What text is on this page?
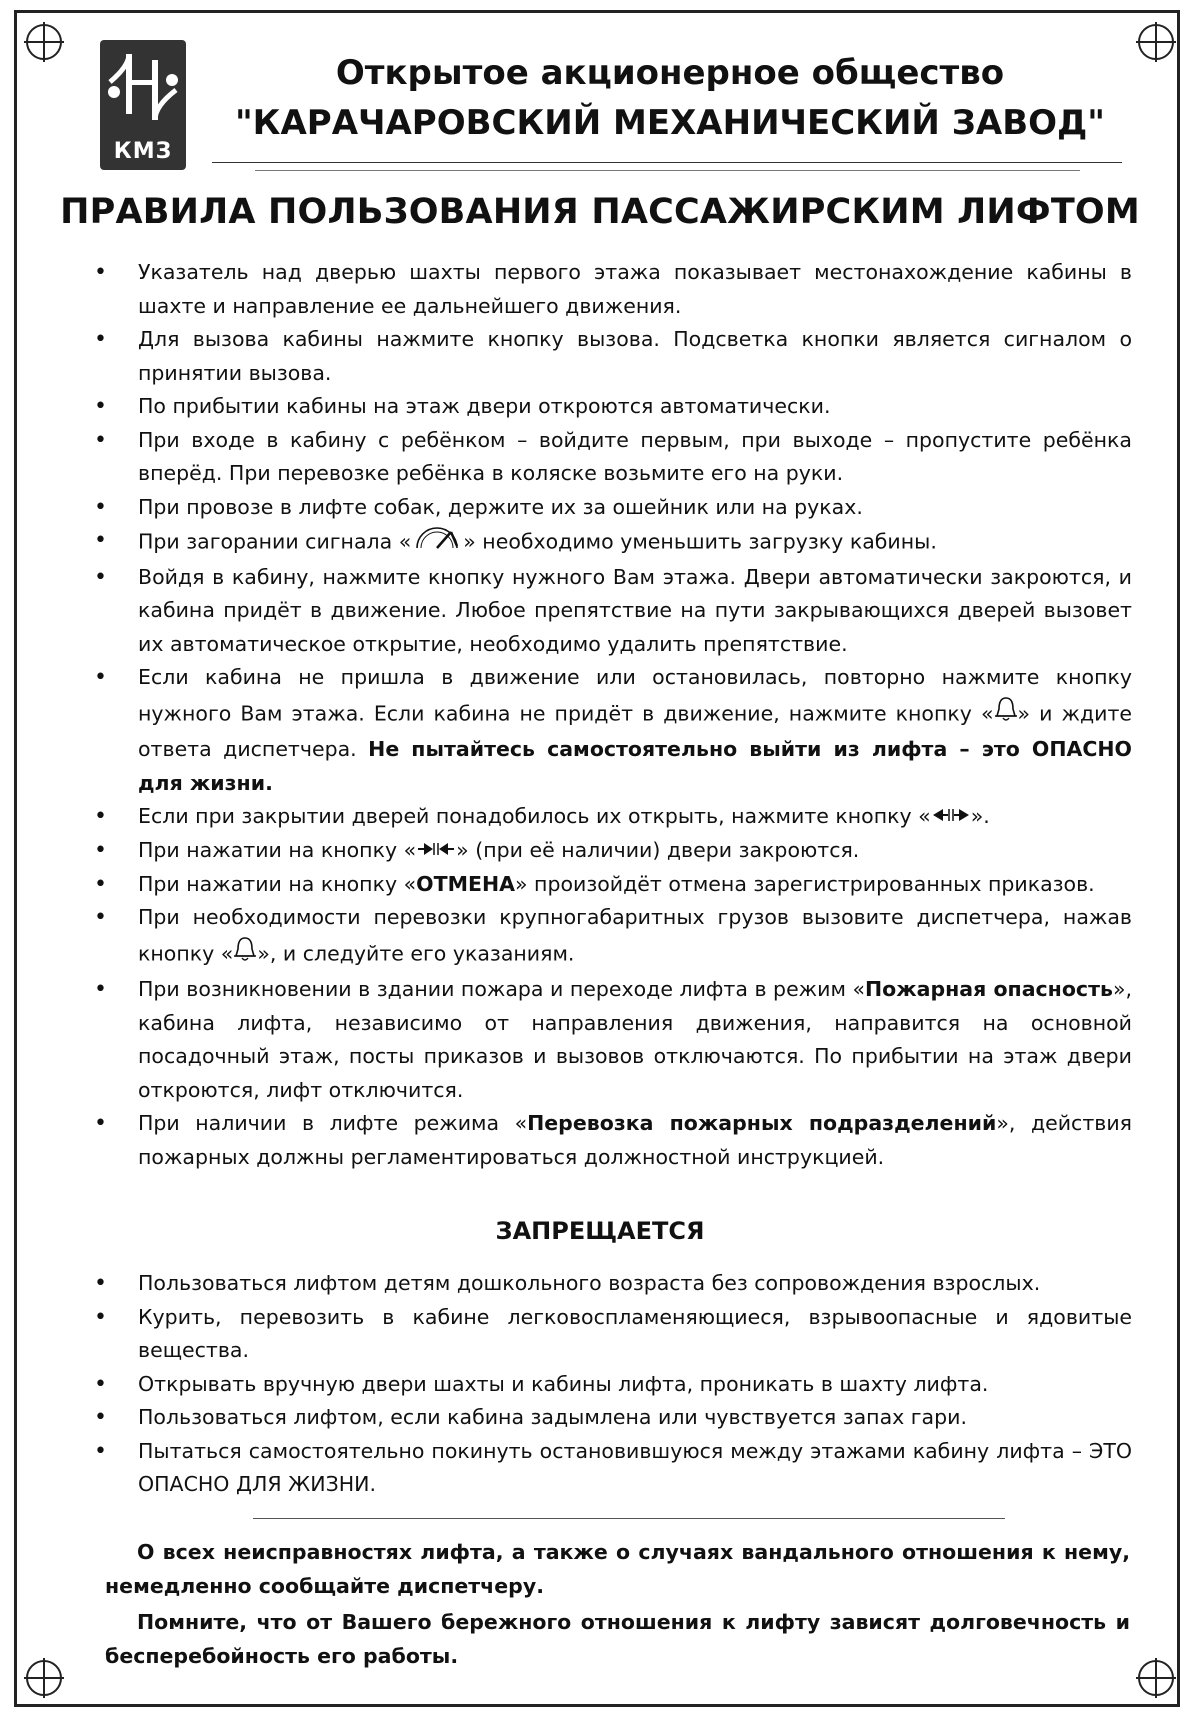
КМЗ
Открытое акционерное общество
"КАРАЧАРОВСКИЙ МЕХАНИЧЕСКИЙ ЗАВОД"
ПРАВИЛА ПОЛЬЗОВАНИЯ ПАССАЖИРСКИМ ЛИФТОМ
• Указатель над дверью шахты первого этажа показывает местонахождение кабины в шахте и направление ее дальнейшего движения.
• Для вызова кабины нажмите кнопку вызова. Подсветка кнопки является сигналом о принятии вызова.
• По прибытии кабины на этаж двери откроются автоматически.
• При входе в кабину с ребёнком – войдите первым, при выходе – пропустите ребёнка вперёд. При перевозке ребёнка в коляске возьмите его на руки.
• При провозе в лифте собак, держите их за ошейник или на руках.
• При загорании сигнала «	» необходимо уменьшить загрузку кабины.
• Войдя в кабину, нажмите кнопку нужного Вам этажа. Двери автоматически закроются, и кабина придёт в движение. Любое препятствие на пути закрывающихся дверей вызовет их автоматическое открытие, необходимо удалить препятствие.
• Если кабина не пришла в движение или остановилась, повторно нажмите кнопку нужного Вам этажа. Если кабина не придёт в движение, нажмите кнопку « » и ждите ответа диспетчера. Не пытайтесь самостоятельно выйти из лифта – это ОПАСНО для жизни.
• Если при закрытии дверей понадобилось их открыть, нажмите кнопку « ».
• При нажатии на кнопку « » (при её наличии) двери закроются.
• При нажатии на кнопку «ОТМЕНА» произойдёт отмена зарегистрированных приказов.
• При необходимости перевозки крупногабаритных грузов вызовите диспетчера, нажав кнопку « », и следуйте его указаниям.
• При возникновении в здании пожара и переходе лифта в режим «Пожарная опасность», кабина лифта, независимо от направления движения, направится на основной посадочный этаж, посты приказов и вызовов отключаются. По прибытии на этаж двери откроются, лифт отключится.
• При наличии в лифте режима «Перевозка пожарных подразделений», действия пожарных должны регламентироваться должностной инструкцией.
ЗАПРЕЩАЕТСЯ
• Пользоваться лифтом детям дошкольного возраста без сопровождения взрослых.
• Курить, перевозить в кабине легковоспламеняющиеся, взрывоопасные и ядовитые вещества.
• Открывать вручную двери шахты и кабины лифта, проникать в шахту лифта.
• Пользоваться лифтом, если кабина задымлена или чувствуется запах гари.
• Пытаться самостоятельно покинуть остановившуюся между этажами кабину лифта – ЭТО ОПАСНО ДЛЯ ЖИЗНИ.
О всех неисправностях лифта, а также о случаях вандального отношения к нему, немедленно сообщайте диспетчеру.
Помните, что от Вашего бережного отношения к лифту зависят долговечность и бесперебойность его работы.
